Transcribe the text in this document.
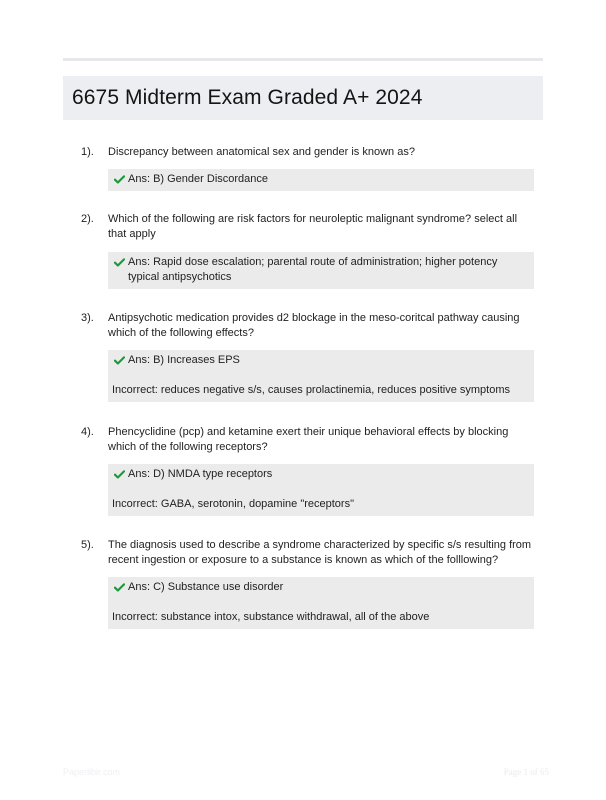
6675 Midterm Exam Graded A+ 2024
1). Discrepancy between anatomical sex and gender is known as?
Ans: B) Gender Discordance
2). Which of the following are risk factors for neuroleptic malignant syndrome? select all that apply
Ans: Rapid dose escalation; parental route of administration; higher potency typical antipsychotics
3). Antipsychotic medication provides d2 blockage in the meso-coritcal pathway causing which of the following effects?
Ans: B) Increases EPS
Incorrect: reduces negative s/s, causes prolactinemia, reduces positive symptoms
4). Phencyclidine (pcp) and ketamine exert their unique behavioral effects by blocking which of the following receptors?
Ans: D) NMDA type receptors
Incorrect: GABA, serotonin, dopamine "receptors"
5). The diagnosis used to describe a syndrome characterized by specific s/s resulting from recent ingestion or exposure to a substance is known as which of the folllowing?
Ans: C) Substance use disorder
Incorrect: substance intox, substance withdrawal, all of the above
Paperlibir.com	Page 1 of 65
